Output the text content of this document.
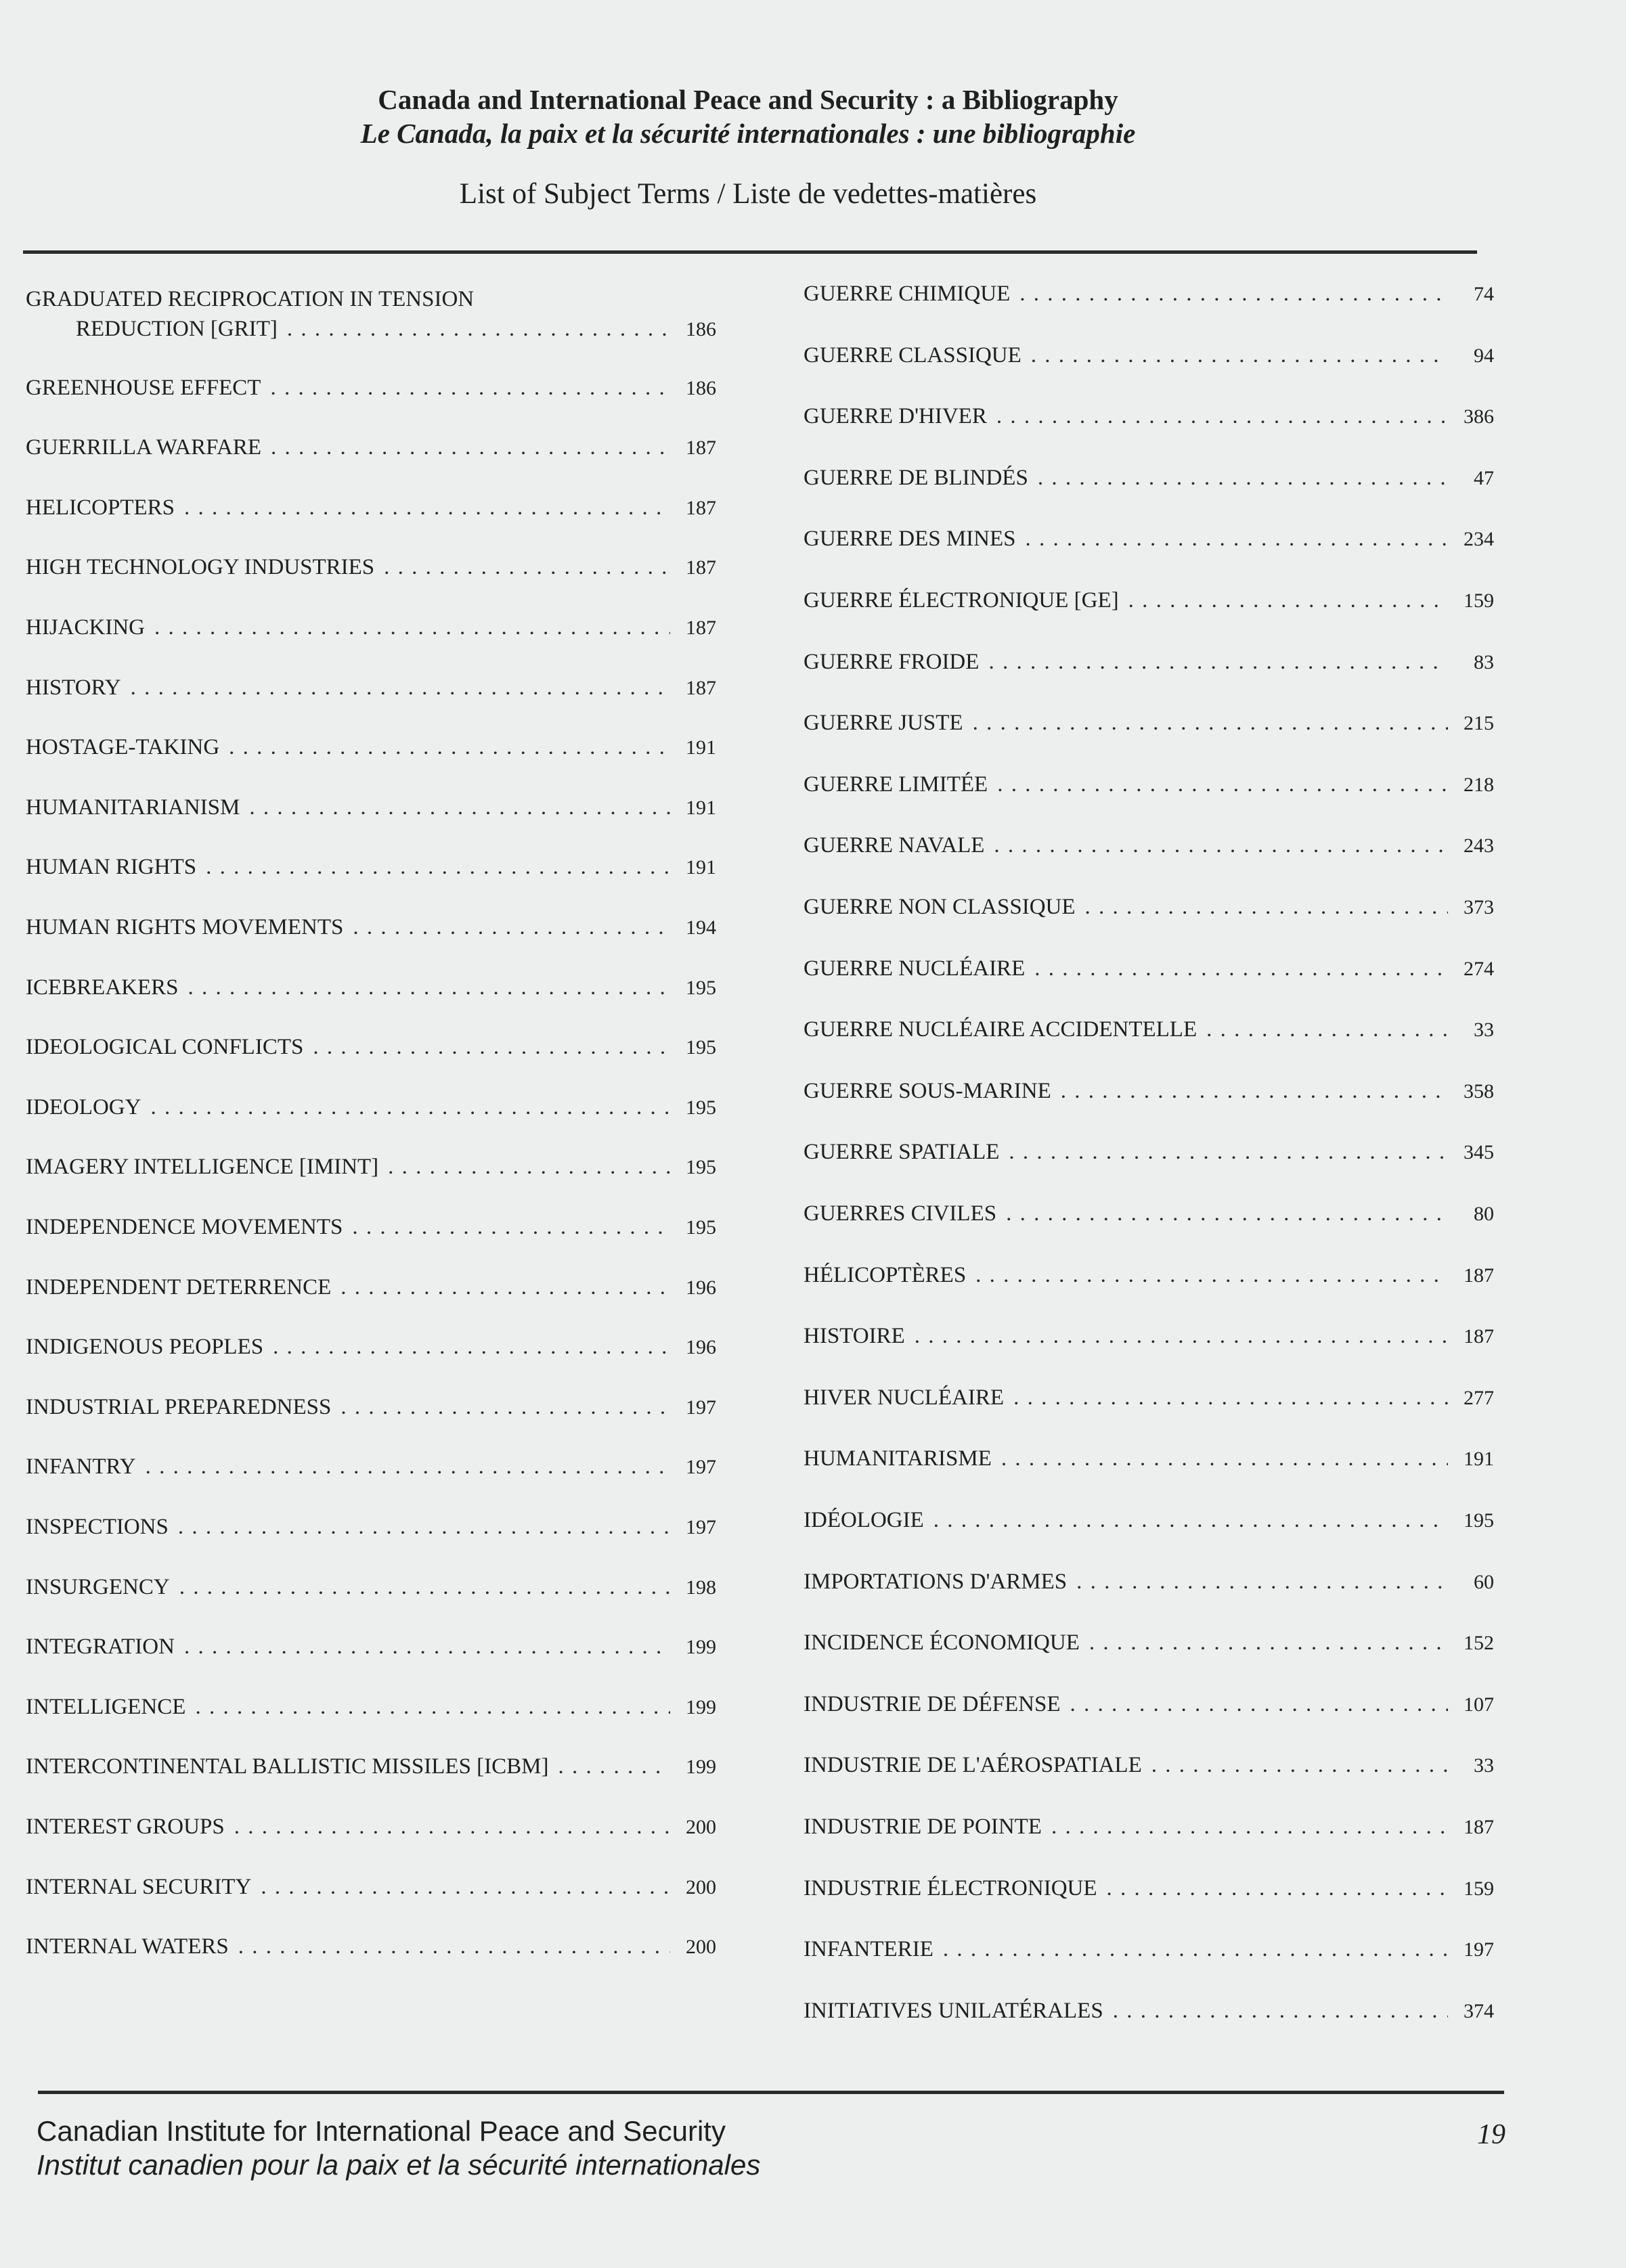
Canada and International Peace and Security : a Bibliography
Le Canada, la paix et la sécurité internationales : une bibliographie
List of Subject Terms / Liste de vedettes-matières
GRADUATED RECIPROCATION IN TENSION
REDUCTION [GRIT] . . .	186
GREENHOUSE EFFECT . . .	186
GUERRILLA WARFARE . . .	187
HELICOPTERS . . .	187
HIGH TECHNOLOGY INDUSTRIES . . .	187
HIJACKING . . .	187
HISTORY . . .	187
HOSTAGE-TAKING . . .	191
HUMANITARIANISM . . .	191
HUMAN RIGHTS . . .	191
HUMAN RIGHTS MOVEMENTS . . .	194
ICEBREAKERS . . .	195
IDEOLOGICAL CONFLICTS . . .	195
IDEOLOGY . . .	195
IMAGERY INTELLIGENCE [IMINT] . . .	195
INDEPENDENCE MOVEMENTS . . .	195
INDEPENDENT DETERRENCE . . .	196
INDIGENOUS PEOPLES . . .	196
INDUSTRIAL PREPAREDNESS . . .	197
INFANTRY . . .	197
INSPECTIONS . . .	197
INSURGENCY . . .	198
INTEGRATION . . .	199
INTELLIGENCE . . .	199
INTERCONTINENTAL BALLISTIC MISSILES [ICBM] . . .	199
INTEREST GROUPS . . .	200
INTERNAL SECURITY . . .	200
INTERNAL WATERS . . .	200
GUERRE CHIMIQUE . . .	74
GUERRE CLASSIQUE . . .	94
GUERRE D'HIVER . . .	386
GUERRE DE BLINDÉS . . .	47
GUERRE DES MINES . . .	234
GUERRE ÉLECTRONIQUE [GE] . . .	159
GUERRE FROIDE . . .	83
GUERRE JUSTE . . .	215
GUERRE LIMITÉE . . .	218
GUERRE NAVALE . . .	243
GUERRE NON CLASSIQUE . . .	373
GUERRE NUCLÉAIRE . . .	274
GUERRE NUCLÉAIRE ACCIDENTELLE . . .	33
GUERRE SOUS-MARINE . . .	358
GUERRE SPATIALE . . .	345
GUERRES CIVILES . . .	80
HÉLICOPTÈRES . . .	187
HISTOIRE . . .	187
HIVER NUCLÉAIRE . . .	277
HUMANITARISME . . .	191
IDÉOLOGIE . . .	195
IMPORTATIONS D'ARMES . . .	60
INCIDENCE ÉCONOMIQUE . . .	152
INDUSTRIE DE DÉFENSE . . .	107
INDUSTRIE DE L'AÉROSPATIALE . . .	33
INDUSTRIE DE POINTE . . .	187
INDUSTRIE ÉLECTRONIQUE . . .	159
INFANTERIE . . .	197
INITIATIVES UNILATÉRALES . . .	374
Canadian Institute for International Peace and Security
Institut canadien pour la paix et la sécurité internationales
19
